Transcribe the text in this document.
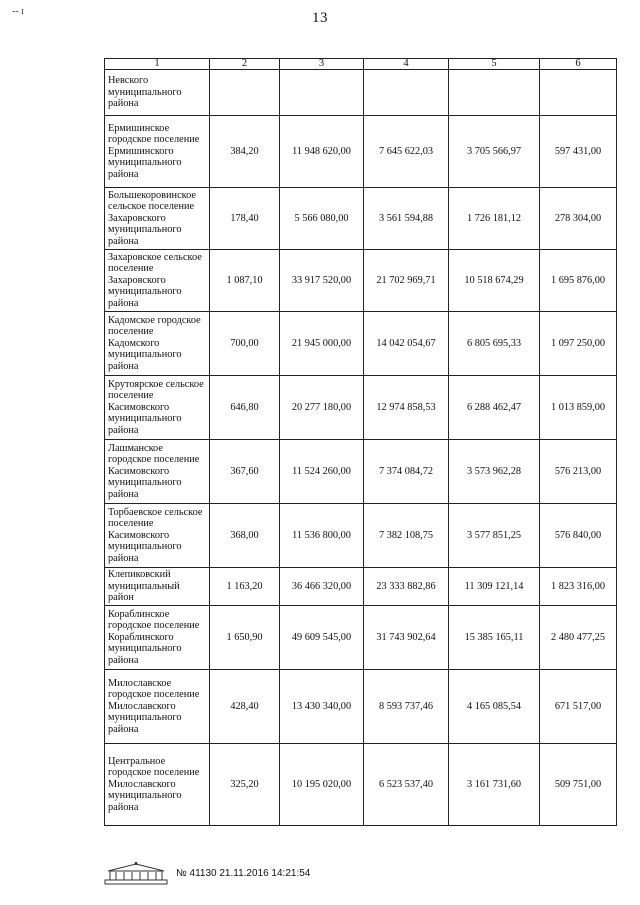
13
-‐ ɪ
1	2	3	4	5	6
Невского муниципального района					
Ермишинское городское поселение Ермишинского муниципального района	384,20	11 948 620,00	7 645 622,03	3 705 566,97	597 431,00
Большекоровинское сельское поселение Захаровского муниципального района	178,40	5 566 080,00	3 561 594,88	1 726 181,12	278 304,00
Захаровское сельское поселение Захаровского муниципального района	1 087,10	33 917 520,00	21 702 969,71	10 518 674,29	1 695 876,00
Кадомское городское поселение Кадомского муниципального района	700,00	21 945 000,00	14 042 054,67	6 805 695,33	1 097 250,00
Крутоярское сельское поселение Касимовского муниципального района	646,80	20 277 180,00	12 974 858,53	6 288 462,47	1 013 859,00
Лашманское городское поселение Касимовского муниципального района	367,60	11 524 260,00	7 374 084,72	3 573 962,28	576 213,00
Торбаевское сельское поселение Касимовского муниципального района	368,00	11 536 800,00	7 382 108,75	3 577 851,25	576 840,00
Клепиковский муниципальный район	1 163,20	36 466 320,00	23 333 882,86	11 309 121,14	1 823 316,00
Кораблинское городское поселение Кораблинского муниципального района	1 650,90	49 609 545,00	31 743 902,64	15 385 165,11	2 480 477,25
Милославское городское поселение Милославского муниципального района	428,40	13 430 340,00	8 593 737,46	4 165 085,54	671 517,00
Центральное городское поселение Милославского муниципального района	325,20	10 195 020,00	6 523 537,40	3 161 731,60	509 751,00
№ 41130 21.11.2016 14:21:54
